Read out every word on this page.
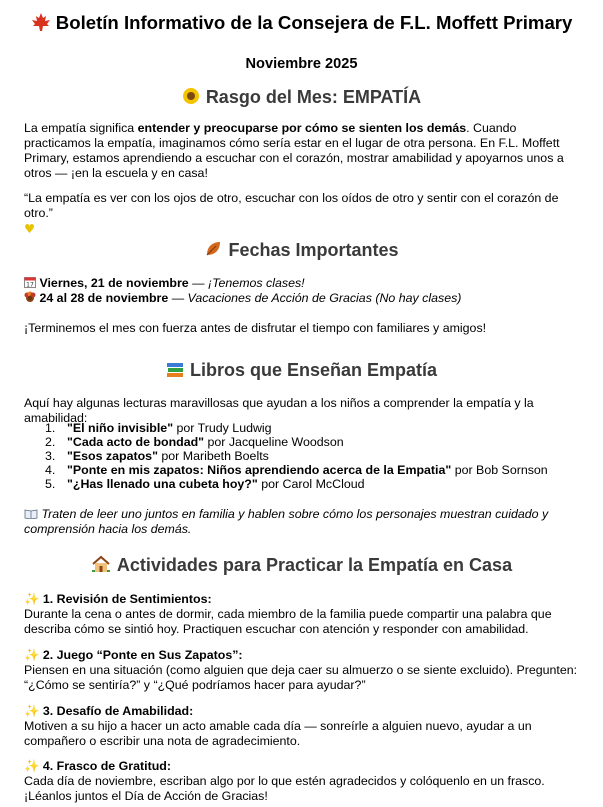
Boletín Informativo de la Consejera de F.L. Moffett Primary
Noviembre 2025
Rasgo del Mes: EMPATÍA
La empatía significa entender y preocuparse por cómo se sienten los demás. Cuando practicamos la empatía, imaginamos cómo sería estar en el lugar de otra persona. En F.L. Moffett Primary, estamos aprendiendo a escuchar con el corazón, mostrar amabilidad y apoyarnos unos a otros — ¡en la escuela y en casa!
“La empatía es ver con los ojos de otro, escuchar con los oídos de otro y sentir con el corazón de otro.”
♥
Fechas Importantes
17 Viernes, 21 de noviembre — ¡Tenemos clases!
24 al 28 de noviembre — Vacaciones de Acción de Gracias (No hay clases)
¡Terminemos el mes con fuerza antes de disfrutar el tiempo con familiares y amigos!
Libros que Enseñan Empatía
Aquí hay algunas lecturas maravillosas que ayudan a los niños a comprender la empatía y la amabilidad:
1. "El niño invisible" por Trudy Ludwig
2. "Cada acto de bondad" por Jacqueline Woodson
3. "Esos zapatos" por Maribeth Boelts
4. "Ponte en mis zapatos: Niños aprendiendo acerca de la Empatia" por Bob Sornson
5. "¿Has llenado una cubeta hoy?" por Carol McCloud
Traten de leer uno juntos en familia y hablen sobre cómo los personajes muestran cuidado y comprensión hacia los demás.
Actividades para Practicar la Empatía en Casa
✨ 1. Revisión de Sentimientos:
Durante la cena o antes de dormir, cada miembro de la familia puede compartir una palabra que describa cómo se sintió hoy. Practiquen escuchar con atención y responder con amabilidad.
✨ 2. Juego “Ponte en Sus Zapatos”:
Piensen en una situación (como alguien que deja caer su almuerzo o se siente excluido). Pregunten: “¿Cómo se sentiría?” y “¿Qué podríamos hacer para ayudar?”
✨ 3. Desafío de Amabilidad:
Motiven a su hijo a hacer un acto amable cada día — sonreírle a alguien nuevo, ayudar a un compañero o escribir una nota de agradecimiento.
✨ 4. Frasco de Gratitud:
Cada día de noviembre, escriban algo por lo que estén agradecidos y colóquenlo en un frasco. ¡Léanlos juntos el Día de Acción de Gracias!
